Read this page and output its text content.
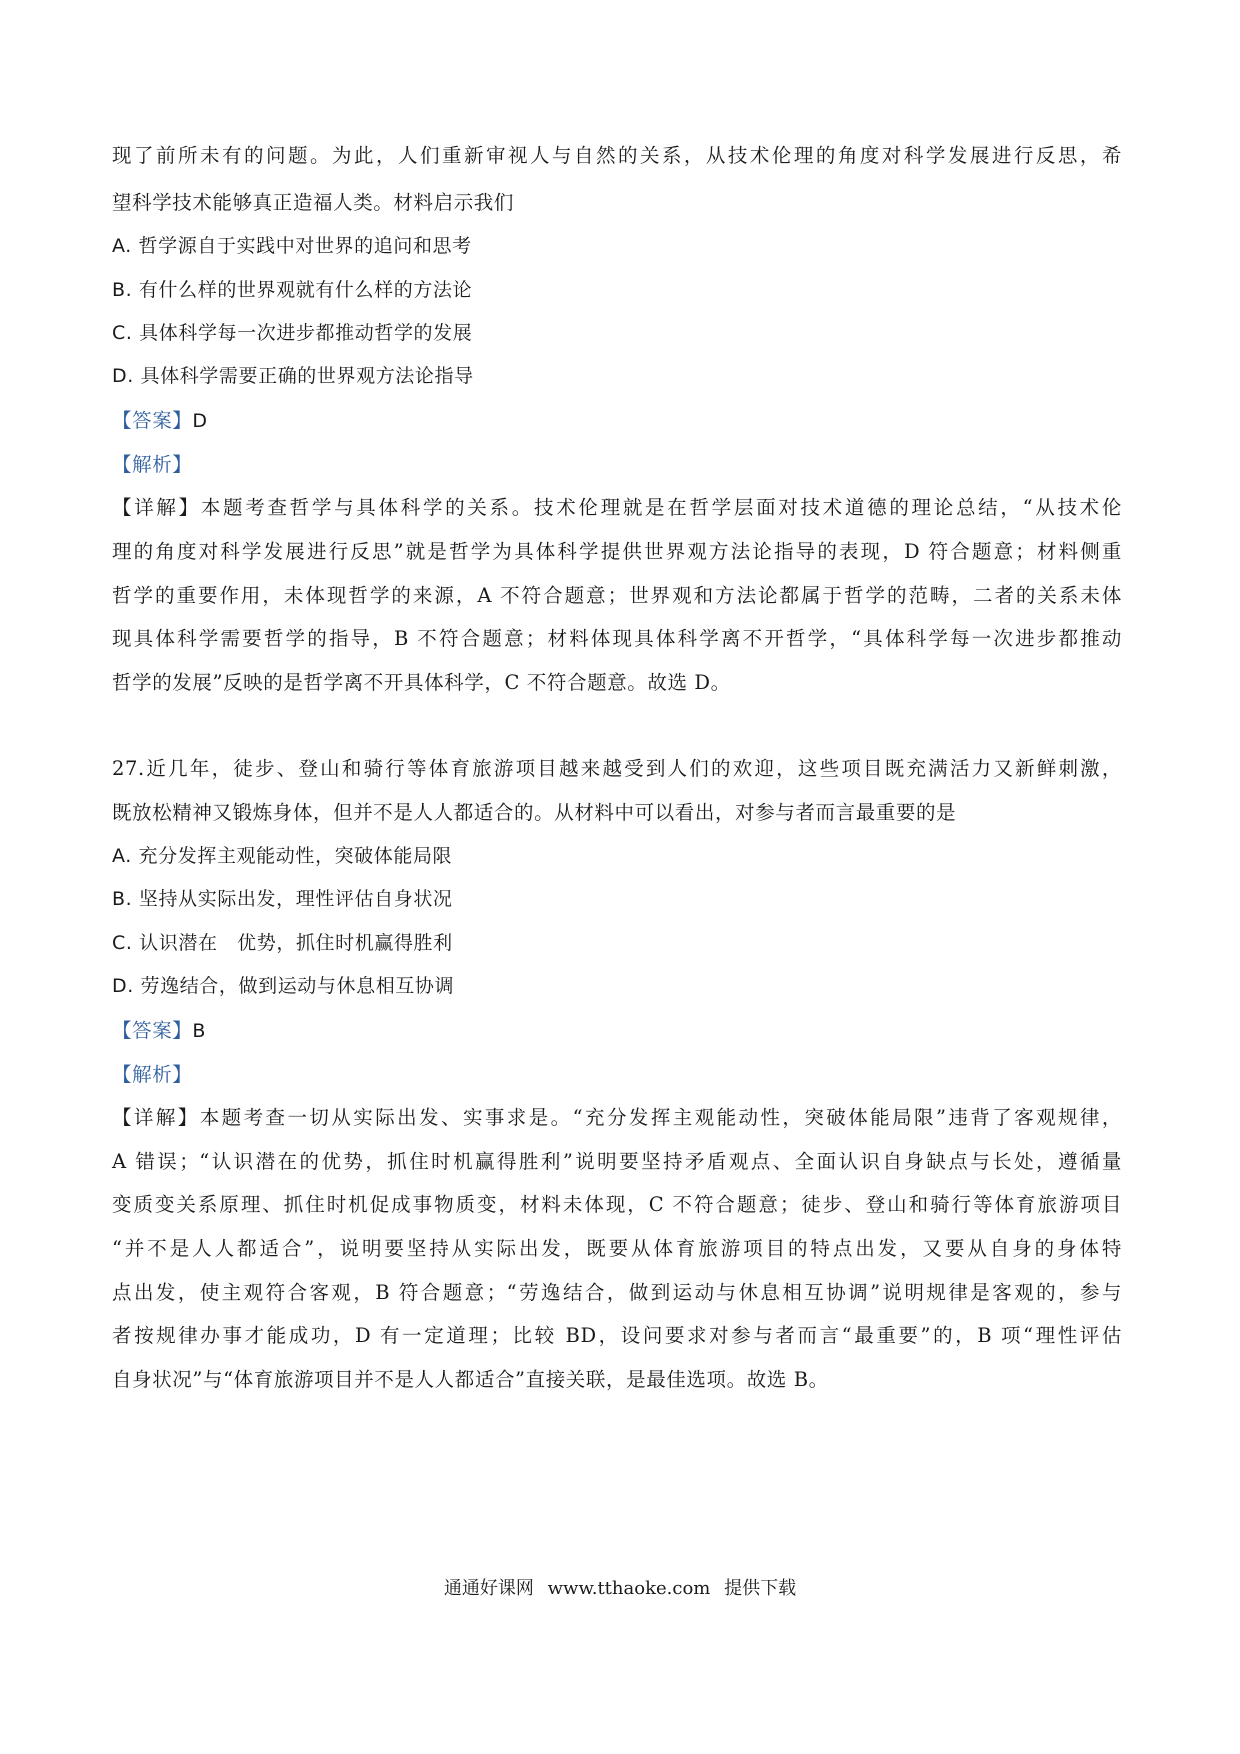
现了前所未有的问题。为此，人们重新审视人与自然的关系，从技术伦理的角度对科学发展进行反思，希
望科学技术能够真正造福人类。材料启示我们
A. 哲学源自于实践中对世界的追问和思考
B. 有什么样的世界观就有什么样的方法论
C. 具体科学每一次进步都推动哲学的发展
D. 具体科学需要正确的世界观方法论指导
【答案】D
【解析】
【详解】本题考查哲学与具体科学的关系。技术伦理就是在哲学层面对技术道德的理论总结，“从技术伦
理的角度对科学发展进行反思”就是哲学为具体科学提供世界观方法论指导的表现，D 符合题意；材料侧重
哲学的重要作用，未体现哲学的来源，A 不符合题意；世界观和方法论都属于哲学的范畴，二者的关系未体
现具体科学需要哲学的指导，B 不符合题意；材料体现具体科学离不开哲学，“具体科学每一次进步都推动
哲学的发展”反映的是哲学离不开具体科学，C 不符合题意。故选 D。
27.近几年，徒步、登山和骑行等体育旅游项目越来越受到人们的欢迎，这些项目既充满活力又新鲜刺激，
既放松精神又锻炼身体，但并不是人人都适合的。从材料中可以看出，对参与者而言最重要的是
A. 充分发挥主观能动性，突破体能局限
B. 坚持从实际出发，理性评估自身状况
C. 认识潜在　优势，抓住时机赢得胜利
D. 劳逸结合，做到运动与休息相互协调
【答案】B
【解析】
【详解】本题考查一切从实际出发、实事求是。“充分发挥主观能动性，突破体能局限”违背了客观规律，
A 错误；“认识潜在的优势，抓住时机赢得胜利”说明要坚持矛盾观点、全面认识自身缺点与长处，遵循量
变质变关系原理、抓住时机促成事物质变，材料未体现，C 不符合题意；徒步、登山和骑行等体育旅游项目
“并不是人人都适合”，说明要坚持从实际出发，既要从体育旅游项目的特点出发，又要从自身的身体特
点出发，使主观符合客观，B 符合题意；“劳逸结合，做到运动与休息相互协调”说明规律是客观的，参与
者按规律办事才能成功，D 有一定道理；比较 BD，设问要求对参与者而言“最重要”的，B 项“理性评估
自身状况”与“体育旅游项目并不是人人都适合”直接关联，是最佳选项。故选 B。
通通好课网 www.tthaoke.com 提供下载
